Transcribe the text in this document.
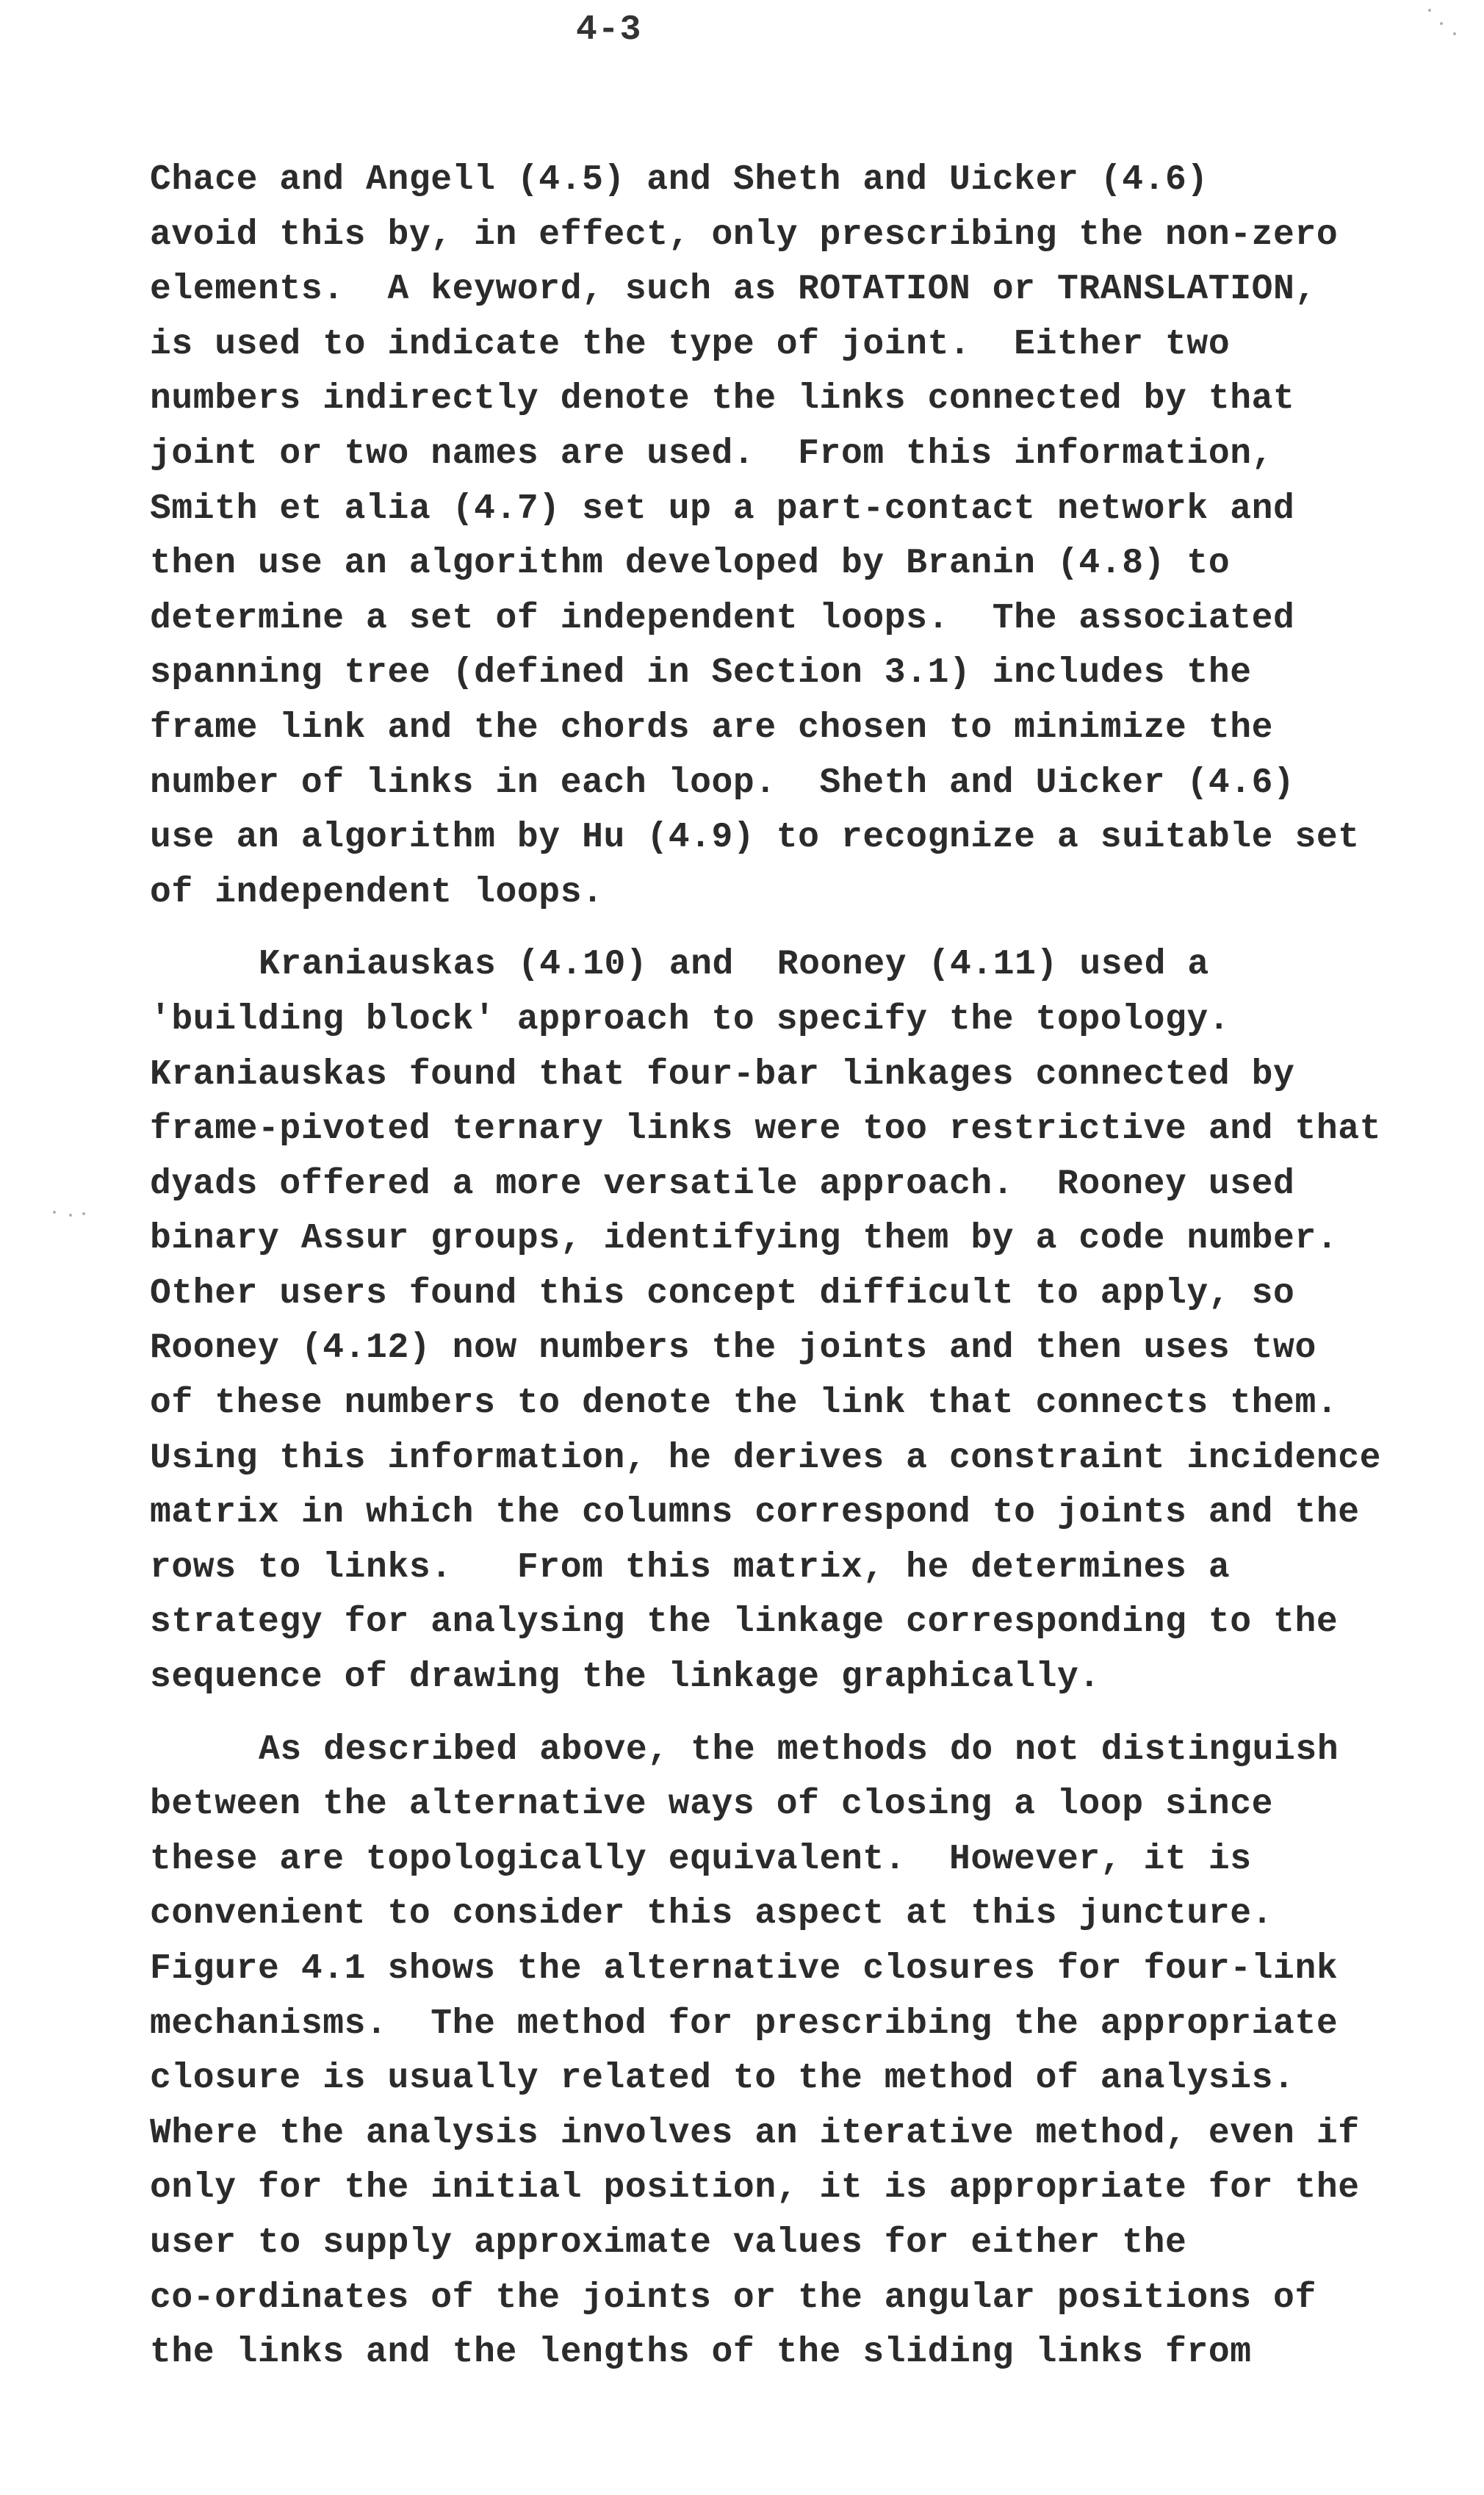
4-3
Chace and Angell (4.5) and Sheth and Uicker (4.6)
avoid this by, in effect, only prescribing the non-zero
elements.  A keyword, such as ROTATION or TRANSLATION,
is used to indicate the type of joint.  Either two
numbers indirectly denote the links connected by that
joint or two names are used.  From this information,
Smith et alia (4.7) set up a part-contact network and
then use an algorithm developed by Branin (4.8) to
determine a set of independent loops.  The associated
spanning tree (defined in Section 3.1) includes the
frame link and the chords are chosen to minimize the
number of links in each loop.  Sheth and Uicker (4.6)
use an algorithm by Hu (4.9) to recognize a suitable set
of independent loops.
Kraniauskas (4.10) and  Rooney (4.11) used a
'building block' approach to specify the topology.
Kraniauskas found that four-bar linkages connected by
frame-pivoted ternary links were too restrictive and that
dyads offered a more versatile approach.  Rooney used
binary Assur groups, identifying them by a code number.
Other users found this concept difficult to apply, so
Rooney (4.12) now numbers the joints and then uses two
of these numbers to denote the link that connects them.
Using this information, he derives a constraint incidence
matrix in which the columns correspond to joints and the
rows to links.   From this matrix, he determines a
strategy for analysing the linkage corresponding to the
sequence of drawing the linkage graphically.
As described above, the methods do not distinguish
between the alternative ways of closing a loop since
these are topologically equivalent.  However, it is
convenient to consider this aspect at this juncture.
Figure 4.1 shows the alternative closures for four-link
mechanisms.  The method for prescribing the appropriate
closure is usually related to the method of analysis.
Where the analysis involves an iterative method, even if
only for the initial position, it is appropriate for the
user to supply approximate values for either the
co-ordinates of the joints or the angular positions of
the links and the lengths of the sliding links from
